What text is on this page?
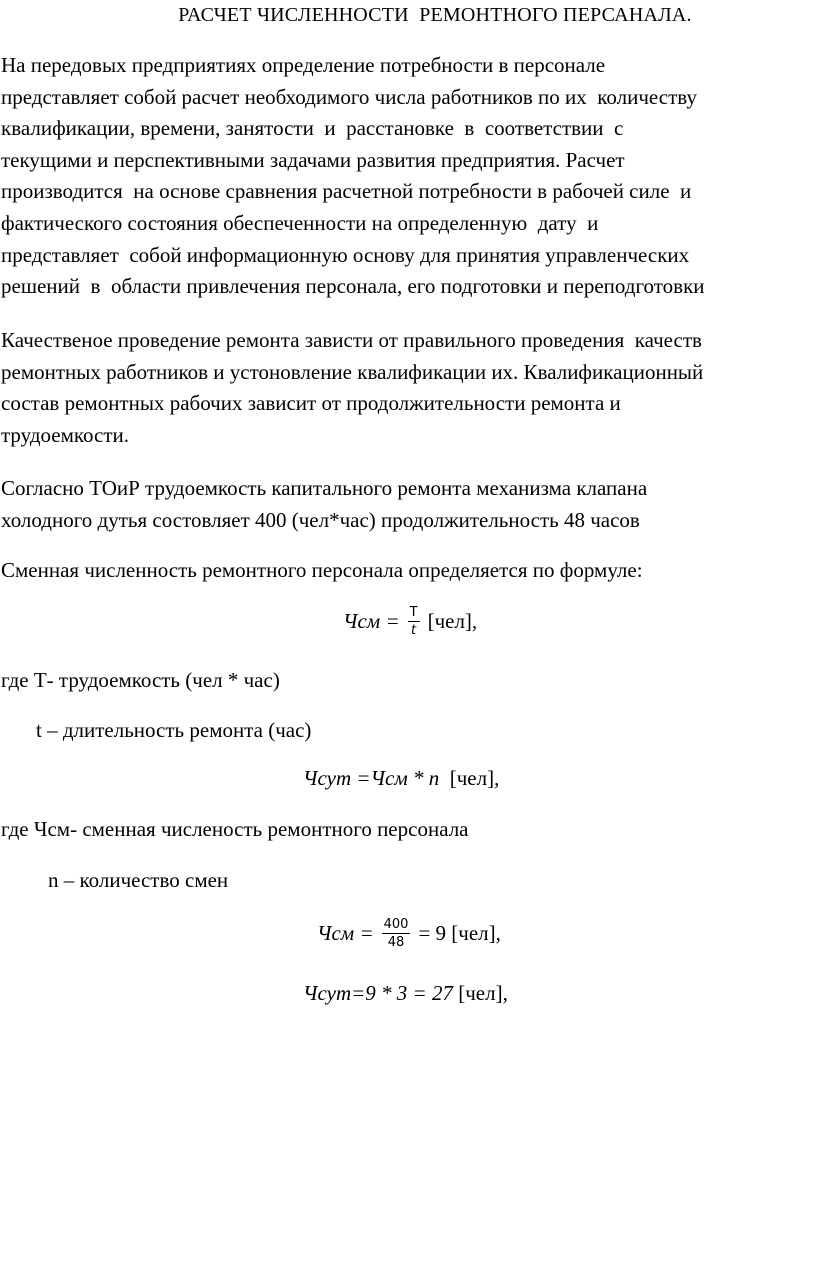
РАСЧЕТ ЧИСЛЕННОСТИ  РЕМОНТНОГО ПЕРСАНАЛА.
На передовых предприятиях определение потребности в персонале
представляет собой расчет необходимого числа работников по их  количеству
квалификации, времени, занятости  и  расстановке  в  соответствии  с
текущими и перспективными задачами развития предприятия. Расчет
производится  на основе сравнения расчетной потребности в рабочей силе  и
фактического состояния обеспеченности на определенную  дату  и
представляет  собой информационную основу для принятия управленческих
решений  в  области привлечения персонала, его подготовки и переподготовки
Качественое проведение ремонта зависти от правильного проведения  качеств
ремонтных работников и устоновление квалификации их. Квалификационный
состав ремонтных рабочих зависит от продолжительности ремонта и
трудоемкости.
Согласно ТОиР трудоемкость капитального ремонта механизма клапана
холодного дутья состовляет 400 (чел*час) продолжительность 48 часов
Сменная численность ремонтного персонала определяется по формуле:
Чсм = $\frac{T}{t} [чел]$,
где Т- трудоемкость (чел * час)
t – длительность ремонта (час)
Чсут =Чсм * n [чел],
где Чсм- сменная численость ремонтного персонала
n – количество смен
Чсм = $\frac{400}{48} = 9$ [чел],
Чсут=9 * 3 = 27 [чел],
